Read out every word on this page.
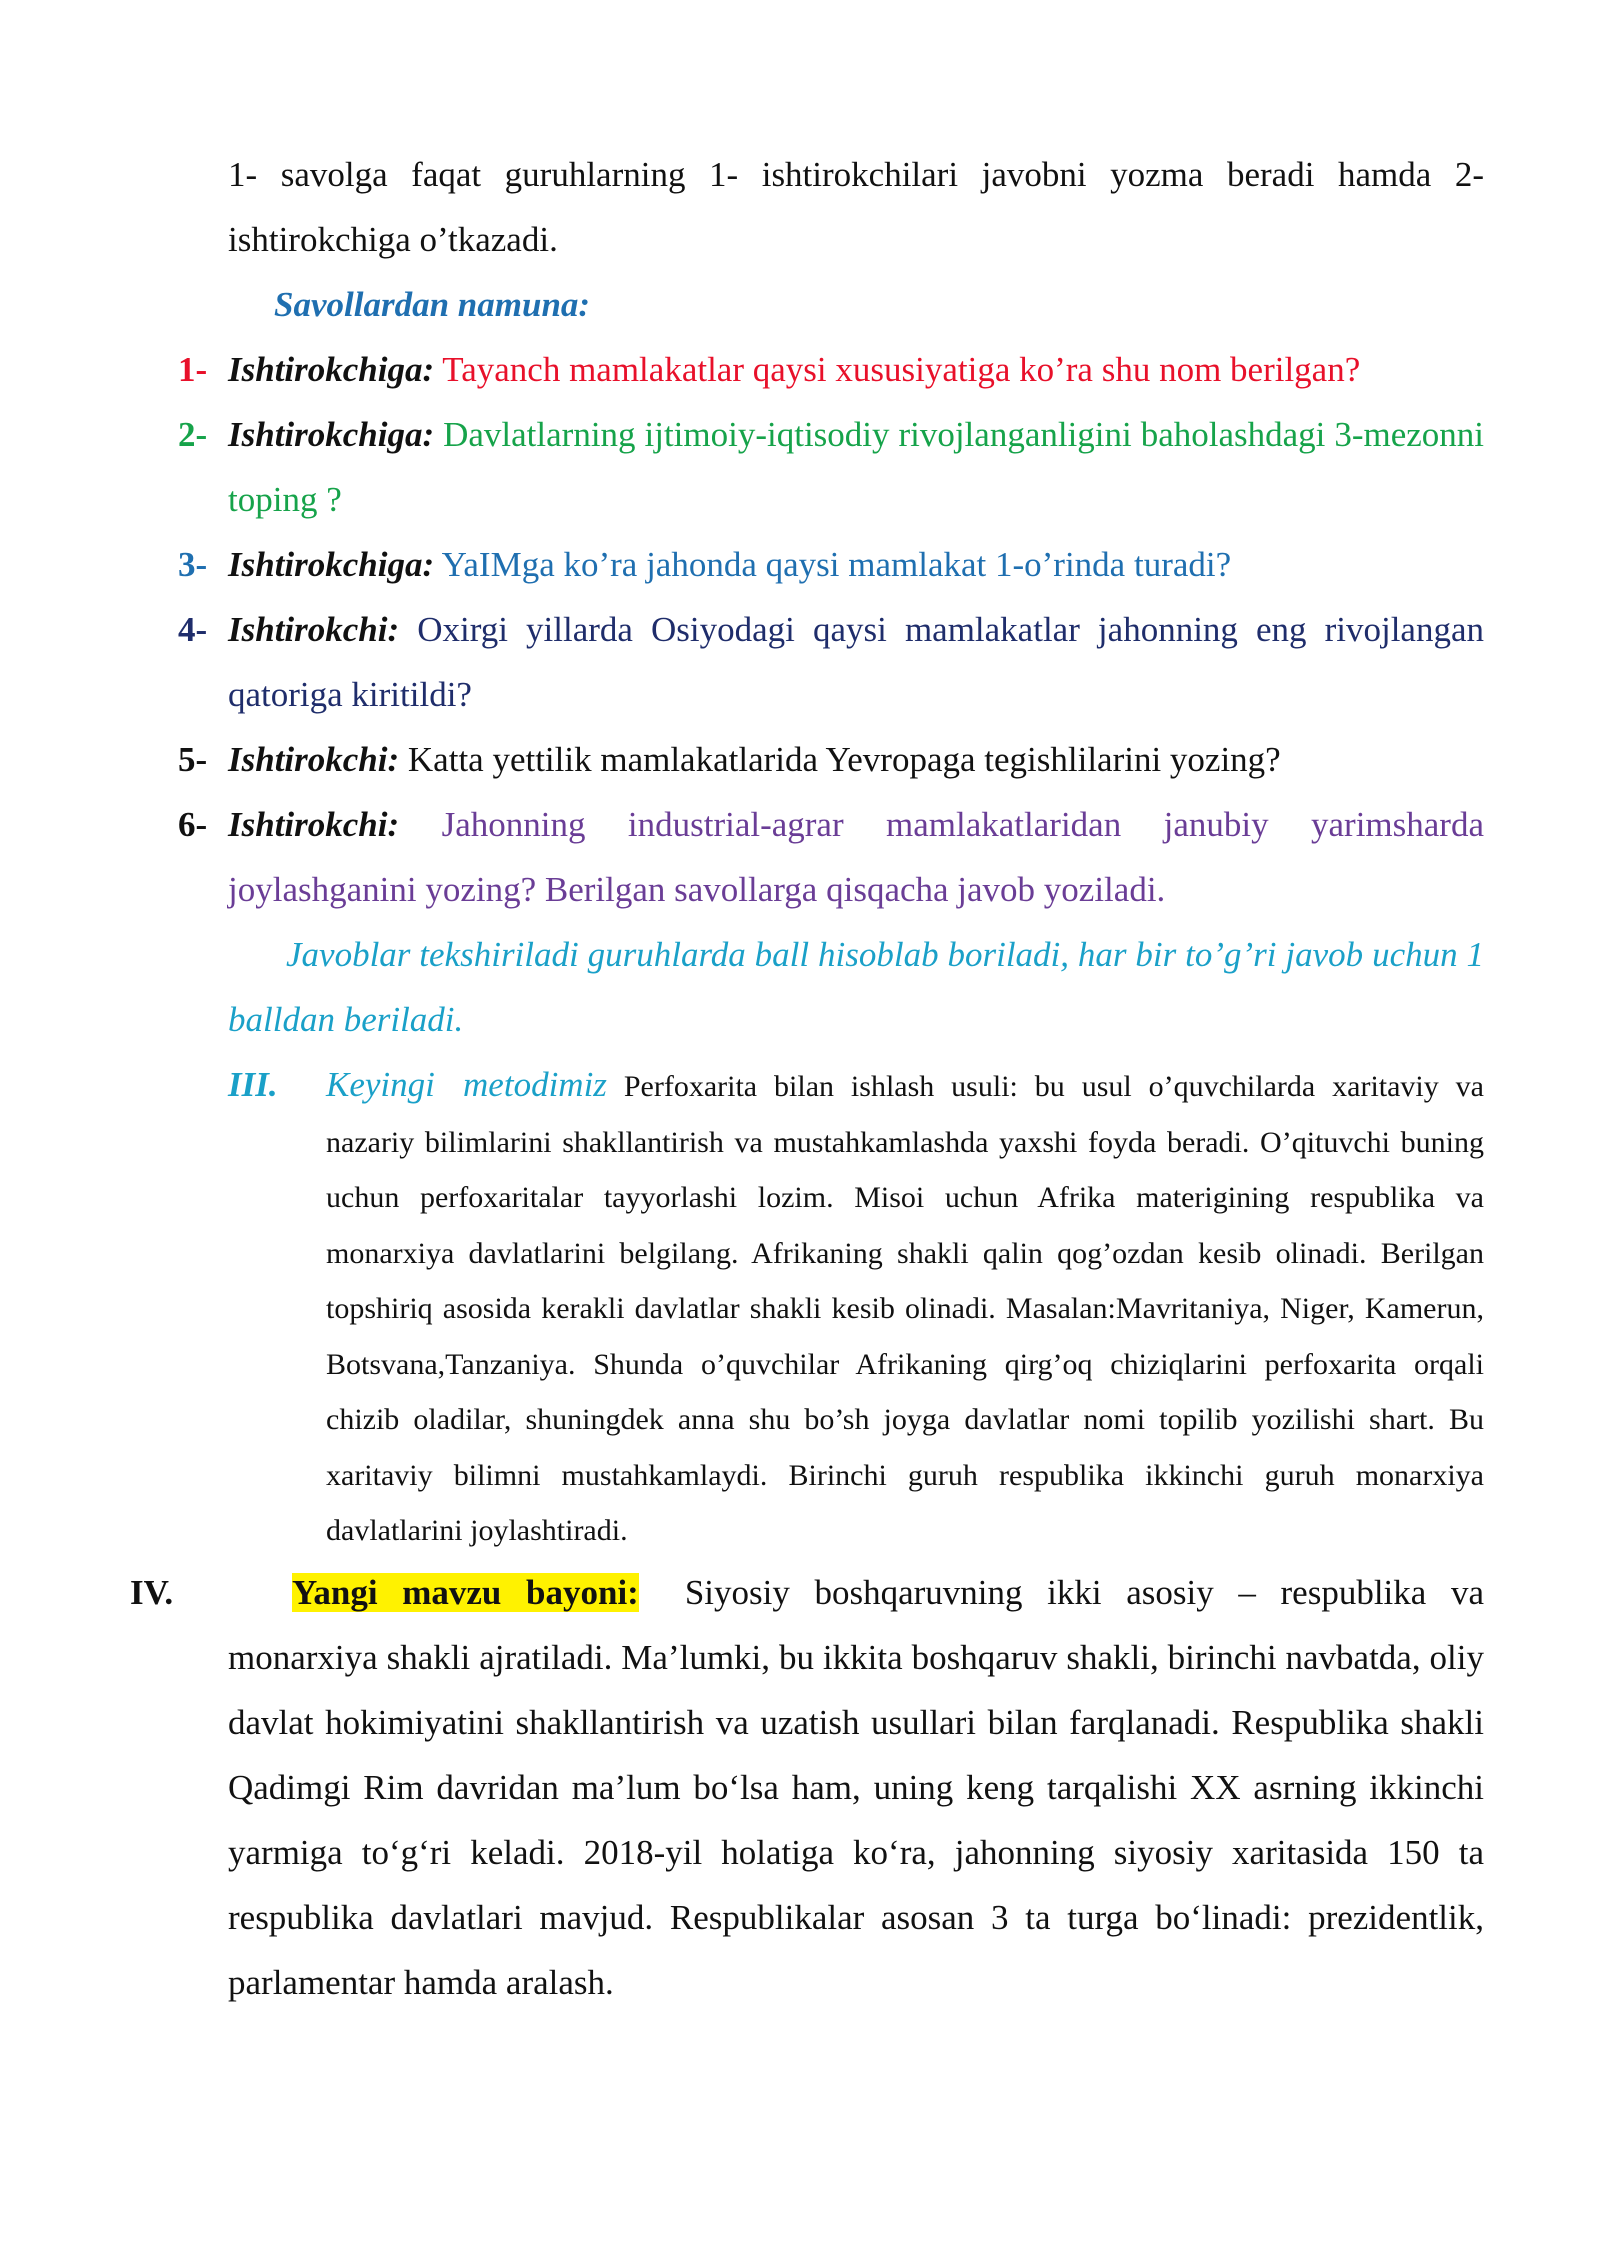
1- savolga faqat guruhlarning 1- ishtirokchilari javobni yozma beradi hamda 2-ishtirokchiga o’tkazadi.
Savollardan namuna:
1- Ishtirokchiga: Tayanch mamlakatlar qaysi xususiyatiga ko’ra shu nom berilgan?
2- Ishtirokchiga: Davlatlarning ijtimoiy-iqtisodiy rivojlanganligini baholashdagi 3-mezonni toping ?
3- Ishtirokchiga: YaIMga ko’ra jahonda qaysi mamlakat 1-o’rinda turadi?
4- Ishtirokchi: Oxirgi yillarda Osiyodagi qaysi mamlakatlar jahonning eng rivojlangan qatoriga kiritildi?
5- Ishtirokchi: Katta yettilik mamlakatlarida Yevropaga tegishlilarini yozing?
6- Ishtirokchi: Jahonning industrial-agrar mamlakatlaridan janubiy yarimsharda joylashganini yozing? Berilgan savollarga qisqacha javob yoziladi.
Javoblar tekshiriladi guruhlarda ball hisoblab boriladi, har bir to’g’ri javob uchun 1 balldan beriladi.
III. Keyingi metodimiz Perfoxarita bilan ishlash usuli: bu usul o’quvchilarda xaritaviy va nazariy bilimlarini shakllantirish va mustahkamlashda yaxshi foyda beradi. O’qituvchi buning uchun perfoxaritalar tayyorlashi lozim. Misoi uchun Afrika materigining respublika va monarxiya davlatlarini belgilang. Afrikaning shakli qalin qog’ozdan kesib olinadi. Berilgan topshiriq asosida kerakli davlatlar shakli kesib olinadi. Masalan:Mavritaniya, Niger, Kamerun, Botsvana,Tanzaniya. Shunda o’quvchilar Afrikaning qirg’oq chiziqlarini perfoxarita orqali chizib oladilar, shuningdek anna shu bo’sh joyga davlatlar nomi topilib yozilishi shart. Bu xaritaviy bilimni mustahkamlaydi. Birinchi guruh respublika ikkinchi guruh monarxiya davlatlarini joylashtiradi.
IV.	Yangi mavzu bayoni: Siyosiy boshqaruvning ikki asosiy – respublika va monarxiya shakli ajratiladi. Ma’lumki, bu ikkita boshqaruv shakli, birinchi navbatda, oliy davlat hokimiyatini shakllantirish va uzatish usullari bilan farqlanadi. Respublika shakli Qadimgi Rim davridan ma’lum bo‘lsa ham, uning keng tarqalishi XX asrning ikkinchi yarmiga to‘g‘ri keladi. 2018-yil holatiga ko‘ra, jahonning siyosiy xaritasida 150 ta respublika davlatlari mavjud. Respublikalar asosan 3 ta turga bo‘linadi: prezidentlik, parlamentar hamda aralash.
